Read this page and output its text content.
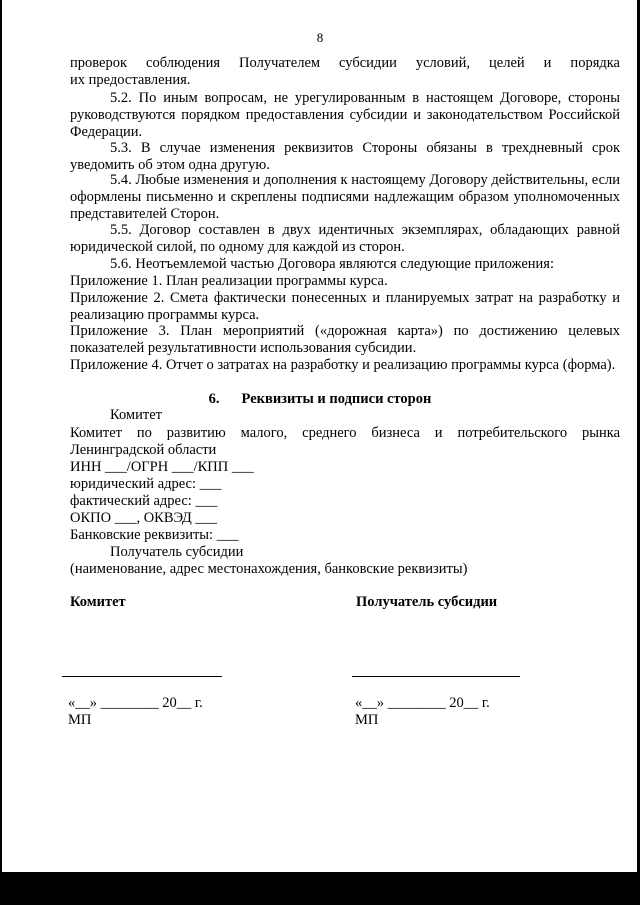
8
проверок соблюдения Получателем субсидии условий, целей и порядка
их предоставления.
5.2. По иным вопросам, не урегулированным в настоящем Договоре, стороны руководствуются порядком предоставления субсидии и законодательством Российской Федерации.
5.3. В случае изменения реквизитов Стороны обязаны в трехдневный срок уведомить об этом одна другую.
5.4. Любые изменения и дополнения к настоящему Договору действительны, если оформлены письменно и скреплены подписями надлежащим образом уполномоченных представителей Сторон.
5.5. Договор составлен в двух идентичных экземплярах, обладающих равной юридической силой, по одному для каждой из сторон.
5.6. Неотъемлемой частью Договора являются следующие приложения:
Приложение 1. План реализации программы курса.
Приложение 2. Смета фактически понесенных и планируемых затрат на разработку и реализацию программы курса.
Приложение 3. План мероприятий («дорожная карта») по достижению целевых показателей результативности использования субсидии.
Приложение 4. Отчет о затратах на разработку и реализацию программы курса (форма).
6. Реквизиты и подписи сторон
Комитет
Комитет по развитию малого, среднего бизнеса и потребительского рынка Ленинградской области
ИНН ___/ОГРН ___/КПП ___
юридический адрес: ___
фактический адрес: ___
ОКПО ___, ОКВЭД ___
Банковские реквизиты: ___
Получатель субсидии
(наименование, адрес местонахождения, банковские реквизиты)
Комитет	Получатель субсидии
«__» ________ 20__ г.	«__» ________ 20__ г.
МП	МП
